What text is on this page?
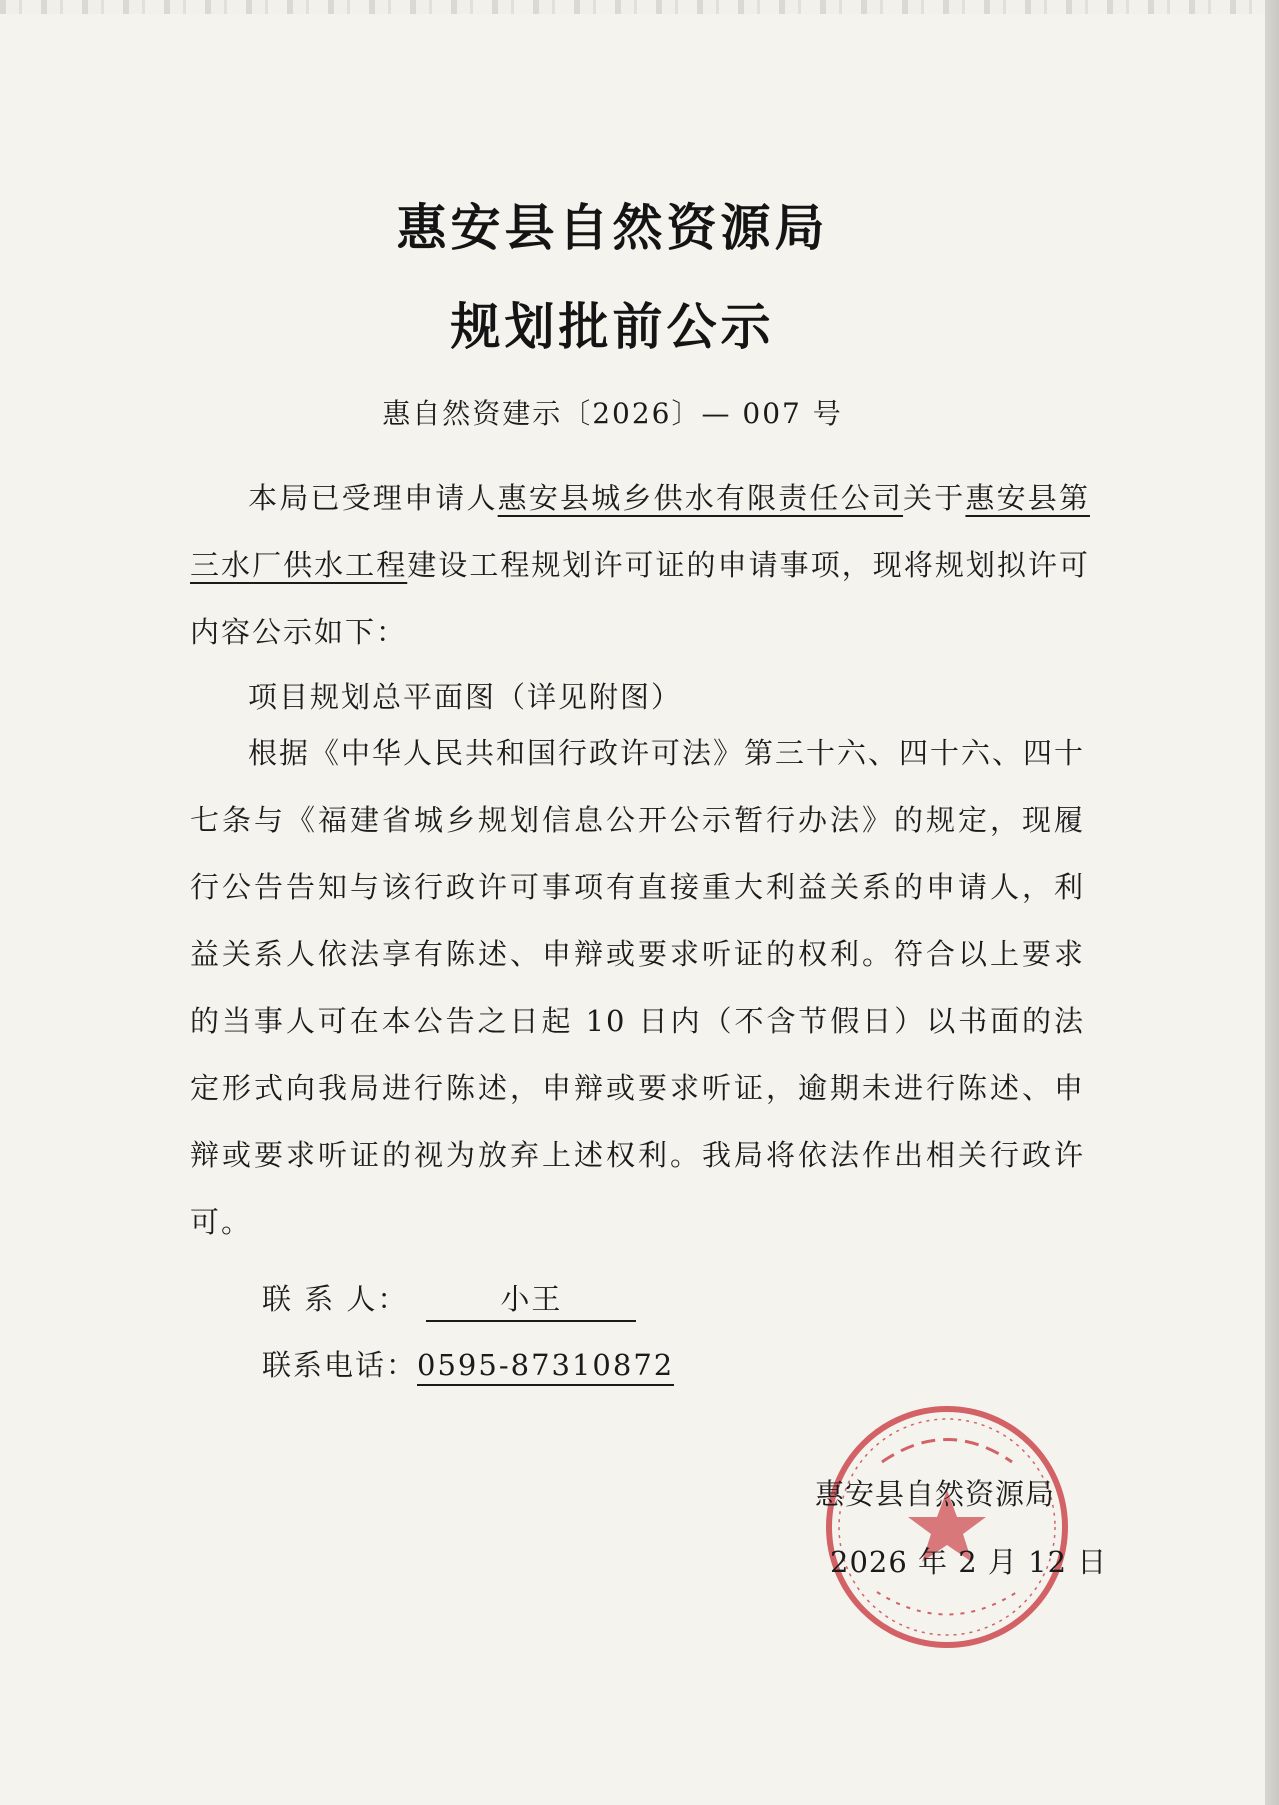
惠安县自然资源局
规划批前公示
惠自然资建示〔2026〕— 007 号
本局已受理申请人惠安县城乡供水有限责任公司关于惠安县第三水厂供水工程建设工程规划许可证的申请事项，现将规划拟许可内容公示如下：
项目规划总平面图（详见附图）
根据《中华人民共和国行政许可法》第三十六、四十六、四十七条与《福建省城乡规划信息公开公示暂行办法》的规定，现履行公告告知与该行政许可事项有直接重大利益关系的申请人，利益关系人依法享有陈述、申辩或要求听证的权利。符合以上要求的当事人可在本公告之日起 10 日内（不含节假日）以书面的法定形式向我局进行陈述，申辩或要求听证，逾期未进行陈述、申辩或要求听证的视为放弃上述权利。我局将依法作出相关行政许可。
联 系 人：	小王
联系电话：0595-87310872
惠安县自然资源局
2026 年 2 月 12 日
